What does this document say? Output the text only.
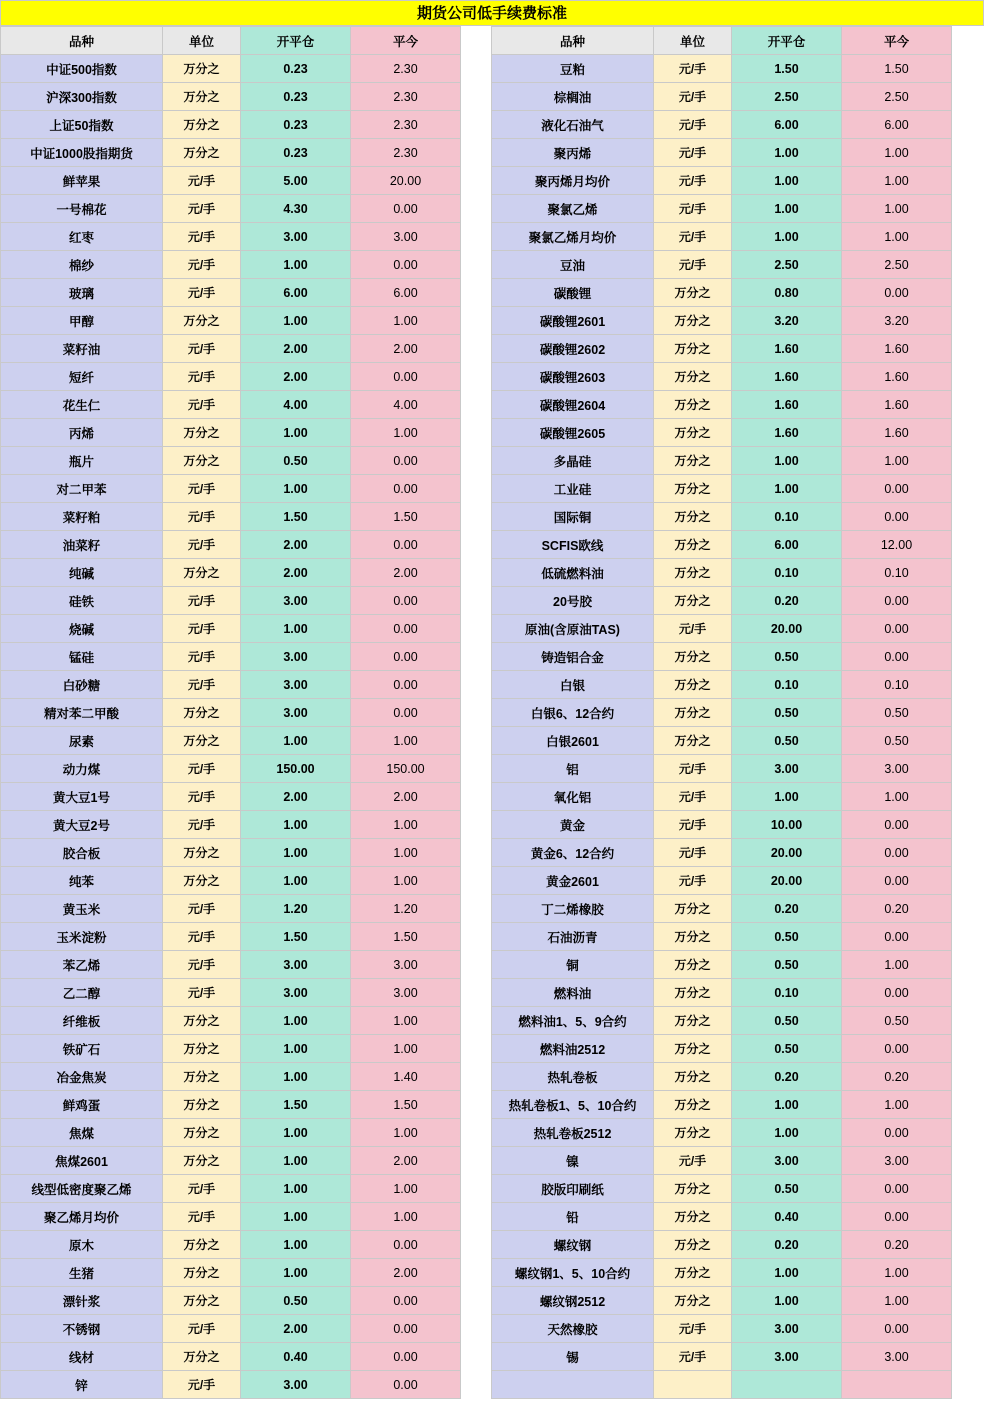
期货公司低手续费标准
品种	单位	开平仓	平今
中证500指数	万分之	0.23	2.30
沪深300指数	万分之	0.23	2.30
上证50指数	万分之	0.23	2.30
中证1000股指期货	万分之	0.23	2.30
鲜苹果	元/手	5.00	20.00
一号棉花	元/手	4.30	0.00
红枣	元/手	3.00	3.00
棉纱	元/手	1.00	0.00
玻璃	元/手	6.00	6.00
甲醇	万分之	1.00	1.00
菜籽油	元/手	2.00	2.00
短纤	元/手	2.00	0.00
花生仁	元/手	4.00	4.00
丙烯	万分之	1.00	1.00
瓶片	万分之	0.50	0.00
对二甲苯	元/手	1.00	0.00
菜籽粕	元/手	1.50	1.50
油菜籽	元/手	2.00	0.00
纯碱	万分之	2.00	2.00
硅铁	元/手	3.00	0.00
烧碱	元/手	1.00	0.00
锰硅	元/手	3.00	0.00
白砂糖	元/手	3.00	0.00
精对苯二甲酸	万分之	3.00	0.00
尿素	万分之	1.00	1.00
动力煤	元/手	150.00	150.00
黄大豆1号	元/手	2.00	2.00
黄大豆2号	元/手	1.00	1.00
胶合板	万分之	1.00	1.00
纯苯	万分之	1.00	1.00
黄玉米	元/手	1.20	1.20
玉米淀粉	元/手	1.50	1.50
苯乙烯	元/手	3.00	3.00
乙二醇	元/手	3.00	3.00
纤维板	万分之	1.00	1.00
铁矿石	万分之	1.00	1.00
冶金焦炭	万分之	1.00	1.40
鲜鸡蛋	万分之	1.50	1.50
焦煤	万分之	1.00	1.00
焦煤2601	万分之	1.00	2.00
线型低密度聚乙烯	元/手	1.00	1.00
聚乙烯月均价	元/手	1.00	1.00
原木	万分之	1.00	0.00
生猪	万分之	1.00	2.00
漂针浆	万分之	0.50	0.00
不锈钢	元/手	2.00	0.00
线材	万分之	0.40	0.00
锌	元/手	3.00	0.00
品种	单位	开平仓	平今
豆粕	元/手	1.50	1.50
棕榈油	元/手	2.50	2.50
液化石油气	元/手	6.00	6.00
聚丙烯	元/手	1.00	1.00
聚丙烯月均价	元/手	1.00	1.00
聚氯乙烯	元/手	1.00	1.00
聚氯乙烯月均价	元/手	1.00	1.00
豆油	元/手	2.50	2.50
碳酸锂	万分之	0.80	0.00
碳酸锂2601	万分之	3.20	3.20
碳酸锂2602	万分之	1.60	1.60
碳酸锂2603	万分之	1.60	1.60
碳酸锂2604	万分之	1.60	1.60
碳酸锂2605	万分之	1.60	1.60
多晶硅	万分之	1.00	1.00
工业硅	万分之	1.00	0.00
国际铜	万分之	0.10	0.00
SCFIS欧线	万分之	6.00	12.00
低硫燃料油	万分之	0.10	0.10
20号胶	万分之	0.20	0.00
原油(含原油TAS)	元/手	20.00	0.00
铸造铝合金	万分之	0.50	0.00
白银	万分之	0.10	0.10
白银6、12合约	万分之	0.50	0.50
白银2601	万分之	0.50	0.50
铝	元/手	3.00	3.00
氧化铝	元/手	1.00	1.00
黄金	元/手	10.00	0.00
黄金6、12合约	元/手	20.00	0.00
黄金2601	元/手	20.00	0.00
丁二烯橡胶	万分之	0.20	0.20
石油沥青	万分之	0.50	0.00
铜	万分之	0.50	1.00
燃料油	万分之	0.10	0.00
燃料油1、5、9合约	万分之	0.50	0.50
燃料油2512	万分之	0.50	0.00
热轧卷板	万分之	0.20	0.20
热轧卷板1、5、10合约	万分之	1.00	1.00
热轧卷板2512	万分之	1.00	0.00
镍	元/手	3.00	3.00
胶版印刷纸	万分之	0.50	0.00
铅	万分之	0.40	0.00
螺纹钢	万分之	0.20	0.20
螺纹钢1、5、10合约	万分之	1.00	1.00
螺纹钢2512	万分之	1.00	1.00
天然橡胶	元/手	3.00	0.00
锡	元/手	3.00	3.00
